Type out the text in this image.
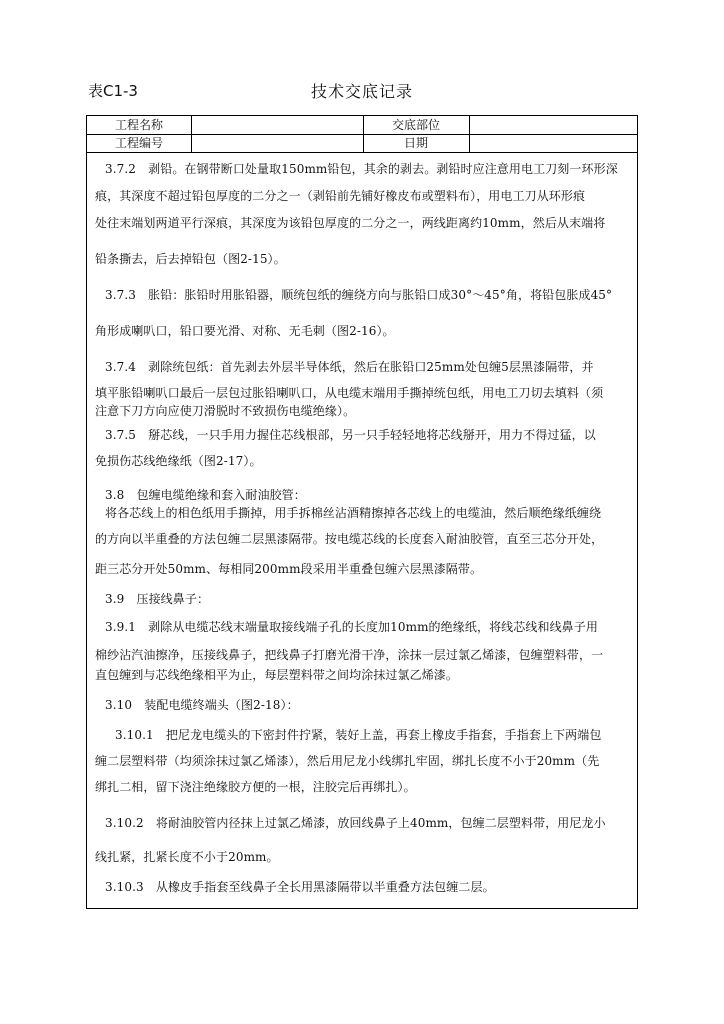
表C1-3	技术交底记录
工程名称	交底部位
工程编号	日期
3.7.2　剥铅。在钢带断口处量取150mm铅包，其余的剥去。剥铅时应注意用电工刀刻一环形深
痕，其深度不超过铅包厚度的二分之一（剥铅前先铺好橡皮布或塑料布），用电工刀从环形痕
处往末端划两道平行深痕，其深度为该铅包厚度的二分之一，两线距离约10mm，然后从末端将
铅条撕去，后去掉铅包（图2-15）。
3.7.3　胀铅：胀铅时用胀铅器，顺统包纸的缠绕方向与胀铅口成30°～45°角，将铅包胀成45°
角形成喇叭口，铅口要光滑、对称、无毛刺（图2-16）。
3.7.4　剥除统包纸：首先剥去外层半导体纸，然后在胀铅口25mm处包缠5层黑漆隔带，并
填平胀铅喇叭口最后一层包过胀铅喇叭口，从电缆末端用手撕掉统包纸，用电工刀切去填料（须
注意下刀方向应使刀滑脱时不致损伤电缆绝缘）。
3.7.5　掰芯线，一只手用力握住芯线根部，另一只手轻轻地将芯线掰开，用力不得过猛，以
免损伤芯线绝缘纸（图2-17）。
3.8　包缠电缆绝缘和套入耐油胶管：
将各芯线上的相色纸用手撕掉，用手拆棉丝沾酒精擦掉各芯线上的电缆油，然后顺绝缘纸缠绕
的方向以半重叠的方法包缠二层黑漆隔带。按电缆芯线的长度套入耐油胶管，直至三芯分开处，
距三芯分开处50mm、每相同200mm段采用半重叠包缠六层黑漆隔带。
3.9　压接线鼻子：
3.9.1　剥除从电缆芯线末端量取接线端子孔的长度加10mm的绝缘纸，将线芯线和线鼻子用
棉纱沾汽油擦净，压接线鼻子，把线鼻子打磨光滑干净，涂抹一层过氯乙烯漆，包缠塑料带，一
直包缠到与芯线绝缘相平为止，每层塑料带之间均涂抹过氯乙烯漆。
3.10　装配电缆终端头（图2-18）：
3.10.1　把尼龙电缆头的下密封件拧紧，装好上盖，再套上橡皮手指套，手指套上下两端包
缠二层塑料带（均须涂抹过氯乙烯漆），然后用尼龙小线绑扎牢固，绑扎长度不小于20mm（先
绑扎二相，留下浇注绝缘胶方便的一根，注胶完后再绑扎）。
3.10.2　将耐油胶管内径抹上过氯乙烯漆，放回线鼻子上40mm，包缠二层塑料带，用尼龙小
线扎紧，扎紧长度不小于20mm。
3.10.3　从橡皮手指套至线鼻子全长用黑漆隔带以半重叠方法包缠二层。
